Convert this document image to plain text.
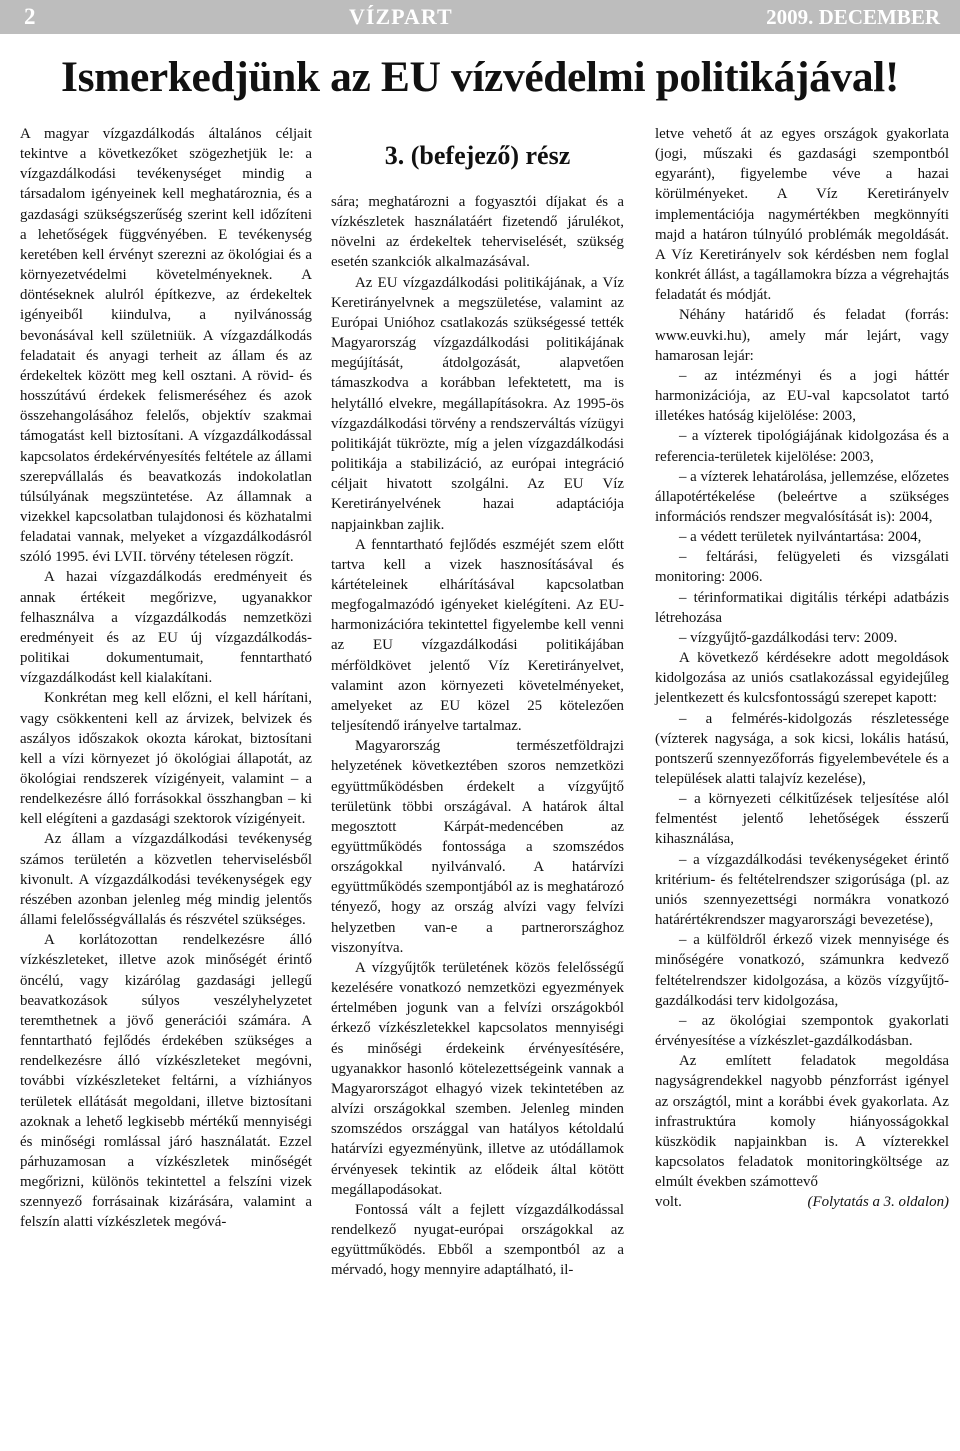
2	VÍZPART	2009. DECEMBER
Ismerkedjünk az EU vízvédelmi politikájával!

A magyar vízgazdálkodás általános céljait tekintve a következőket szögezhetjük le: a vízgazdálkodási tevékenységet mindig a társadalom igényeinek kell meghatároznia, és a gazdasági szükségszerűség szerint kell időzíteni a lehetőségek függvényében. E tevékenység keretében kell érvényt szerezni az ökológiai és a környezetvédelmi követelményeknek. A döntéseknek alulról építkezve, az érdekeltek igényeiből kiindulva, a nyilvánosság bevonásával kell születniük. A vízgazdálkodás feladatait és anyagi terheit az állam és az érdekeltek között meg kell osztani. A rövid- és hosszútávú érdekek felismeréséhez és azok összehangolásához felelős, objektív szakmai támogatást kell biztosítani. A vízgazdálkodással kapcsolatos érdekérvényesítés feltétele az állami szerepvállalás és beavatkozás indokolatlan túlsúlyának megszüntetése. Az államnak a vizekkel kapcsolatban tulajdonosi és közhatalmi feladatai vannak, melyeket a vízgazdálkodásról szóló 1995. évi LVII. törvény tételesen rögzít.

A hazai vízgazdálkodás eredményeit és annak értékeit megőrizve, ugyanakkor felhasználva a vízgazdálkodás nemzetközi eredményeit és az EU új vízgazdálkodás-politikai dokumentumait, fenntartható vízgazdálkodást kell kialakítani.

Konkrétan meg kell előzni, el kell hárítani, vagy csökkenteni kell az árvizek, belvizek és aszályos időszakok okozta károkat, biztosítani kell a vízi környezet jó ökológiai állapotát, az ökológiai rendszerek vízigényeit, valamint – a rendelkezésre álló forrásokkal összhangban – ki kell elégíteni a gazdasági szektorok vízigényeit.

Az állam a vízgazdálkodási tevékenység számos területén a közvetlen teherviselésből kivonult. A vízgazdálkodási tevékenységek egy részében azonban jelenleg még mindig jelentős állami felelősségvállalás és részvétel szükséges.

A korlátozottan rendelkezésre álló vízkészleteket, illetve azok minőségét érintő öncélú, vagy kizárólag gazdasági jellegű beavatkozások súlyos veszélyhelyzetet teremthetnek a jövő generációi számára. A fenntartható fejlődés érdekében szükséges a rendelkezésre álló vízkészleteket megóvni, további vízkészleteket feltárni, a vízhiányos területek ellátását megoldani, illetve biztosítani azoknak a lehető legkisebb mértékű mennyiségi és minőségi romlással járó használatát. Ezzel párhuzamosan a vízkészletek minőségét megőrizni, különös tekintettel a felszíni vizek szennyező forrásainak kizárására, valamint a felszín alatti vízkészletek megóvá-

3. (befejező) rész

sára; meghatározni a fogyasztói díjakat és a vízkészletek használatáért fizetendő járulékot, növelni az érdekeltek teherviselését, szükség esetén szankciók alkalmazásával.

Az EU vízgazdálkodási politikájának, a Víz Keretirányelvnek a megszületése, valamint az Európai Unióhoz csatlakozás szükségessé tették Magyarország vízgazdálkodási politikájának megújítását, átdolgozását, alapvetően támaszkodva a korábban lefektetett, ma is helytálló elvekre, megállapításokra. Az 1995-ös vízgazdálkodási törvény a rendszerváltás vízügyi politikáját tükrözte, míg a jelen vízgazdálkodási politikája a stabilizáció, az európai integráció céljait hivatott szolgálni. Az EU Víz Keretirányelvének hazai adaptációja napjainkban zajlik.

A fenntartható fejlődés eszméjét szem előtt tartva kell a vizek hasznosításával és kártételeinek elhárításával kapcsolatban megfogalmazódó igényeket kielégíteni. Az EU-harmonizációra tekintettel figyelembe kell venni az EU vízgazdálkodási politikájában mérföldkövet jelentő Víz Keretirányelvet, valamint azon környezeti követelményeket, amelyeket az EU közel 25 kötelezően teljesítendő irányelve tartalmaz.

Magyarország természetföldrajzi helyzetének következtében szoros nemzetközi együttműködésben érdekelt a vízgyűjtő területünk többi országával. A határok által megosztott Kárpát-medencében az együttműködés fontossága a szomszédos országokkal nyilvánvaló. A határvízi együttműködés szempontjából az is meghatározó tényező, hogy az ország alvízi vagy felvízi helyzetben van-e a partnerországhoz viszonyítva.

A vízgyűjtők területének közös felelősségű kezelésére vonatkozó nemzetközi egyezmények értelmében jogunk van a felvízi országokból érkező vízkészletekkel kapcsolatos mennyiségi és minőségi érdekeink érvényesítésére, ugyanakkor hasonló kötelezettségeink vannak a Magyarországot elhagyó vizek tekintetében az alvízi országokkal szemben. Jelenleg minden szomszédos országgal van hatályos kétoldalú határvízi egyezményünk, illetve az utódállamok érvényesek tekintik az elődeik által kötött megállapodásokat.

Fontossá vált a fejlett vízgazdálkodással rendelkező nyugat-európai országokkal az együttműködés. Ebből a szempontból az a mérvadó, hogy mennyire adaptálható, il-

letve vehető át az egyes országok gyakorlata (jogi, műszaki és gazdasági szempontból egyaránt), figyelembe véve a hazai körülményeket. A Víz Keretirányelv implementációja nagymértékben megkönnyíti majd a határon túlnyúló problémák megoldását. A Víz Keretirányelv sok kérdésben nem foglal konkrét állást, a tagállamokra bízza a végrehajtás feladatát és módját.

Néhány határidő és feladat (forrás: www.euvki.hu), amely már lejárt, vagy hamarosan lejár:

– az intézményi és a jogi háttér harmonizációja, az EU-val kapcsolatot tartó illetékes hatóság kijelölése: 2003,

– a vízterek tipológiájának kidolgozása és a referencia-területek kijelölése: 2003,

– a vízterek lehatárolása, jellemzése, előzetes állapotértékelése (beleértve a szükséges információs rendszer megvalósítását is): 2004,

– a védett területek nyilvántartása: 2004,

– feltárási, felügyeleti és vizsgálati monitoring: 2006.

– térinformatikai digitális térképi adatbázis létrehozása

– vízgyűjtő-gazdálkodási terv: 2009.

A következő kérdésekre adott megoldások kidolgozása az uniós csatlakozással egyidejűleg jelentkezett és kulcsfontosságú szerepet kapott:

– a felmérés-kidolgozás részletessége (vízterek nagysága, a sok kicsi, lokális hatású, pontszerű szennyezőforrás figyelembevétele és a települések alatti talajvíz kezelése),

– a környezeti célkitűzések teljesítése alól felmentést jelentő lehetőségek ésszerű kihasználása,

– a vízgazdálkodási tevékenységeket érintő kritérium- és feltételrendszer szigorúsága (pl. az uniós szennyezettségi normákra vonatkozó határértékrendszer magyarországi bevezetése),

– a külföldről érkező vizek mennyisége és minőségére vonatkozó, számunkra kedvező feltételrendszer kidolgozása, a közös vízgyűjtő-gazdálkodási terv kidolgozása,

– az ökológiai szempontok gyakorlati érvényesítése a vízkészlet-gazdálkodásban.

Az említett feladatok megoldása nagyságrendekkel nagyobb pénzforrást igényel az országtól, mint a korábbi évek gyakorlata. Az infrastruktúra komoly hiányosságokkal küszködik napjainkban is. A vízterekkel kapcsolatos feladatok monitoringköltsége az elmúlt években számottevő

volt.	(Folytatás a 3. oldalon)
